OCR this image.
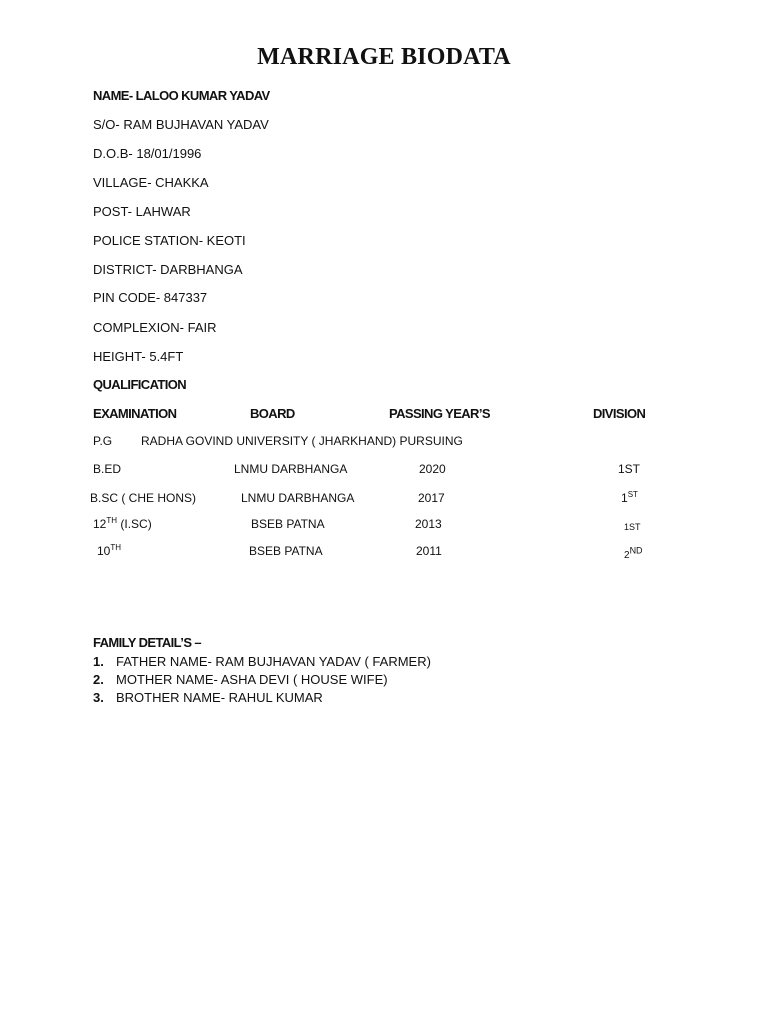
MARRIAGE BIODATA
NAME- LALOO KUMAR YADAV
S/O- RAM BUJHAVAN YADAV
D.O.B- 18/01/1996
VILLAGE- CHAKKA
POST- LAHWAR
POLICE STATION- KEOTI
DISTRICT- DARBHANGA
PIN CODE- 847337
COMPLEXION- FAIR
HEIGHT- 5.4FT
QUALIFICATION
EXAMINATION	BOARD	PASSING YEAR’S	DIVISION
P.G RADHA GOVIND UNIVERSITY ( JHARKHAND) PURSUING
B.ED	LNMU DARBHANGA	2020	1ST
B.SC ( CHE HONS)	LNMU DARBHANGA	2017	1ST
12TH (I.SC)	BSEB PATNA	2013	1ST
10TH	BSEB PATNA	2011	2ND
FAMILY DETAIL’S –
1. FATHER NAME- RAM BUJHAVAN YADAV ( FARMER)
2. MOTHER NAME- ASHA DEVI ( HOUSE WIFE)
3. BROTHER NAME- RAHUL KUMAR
